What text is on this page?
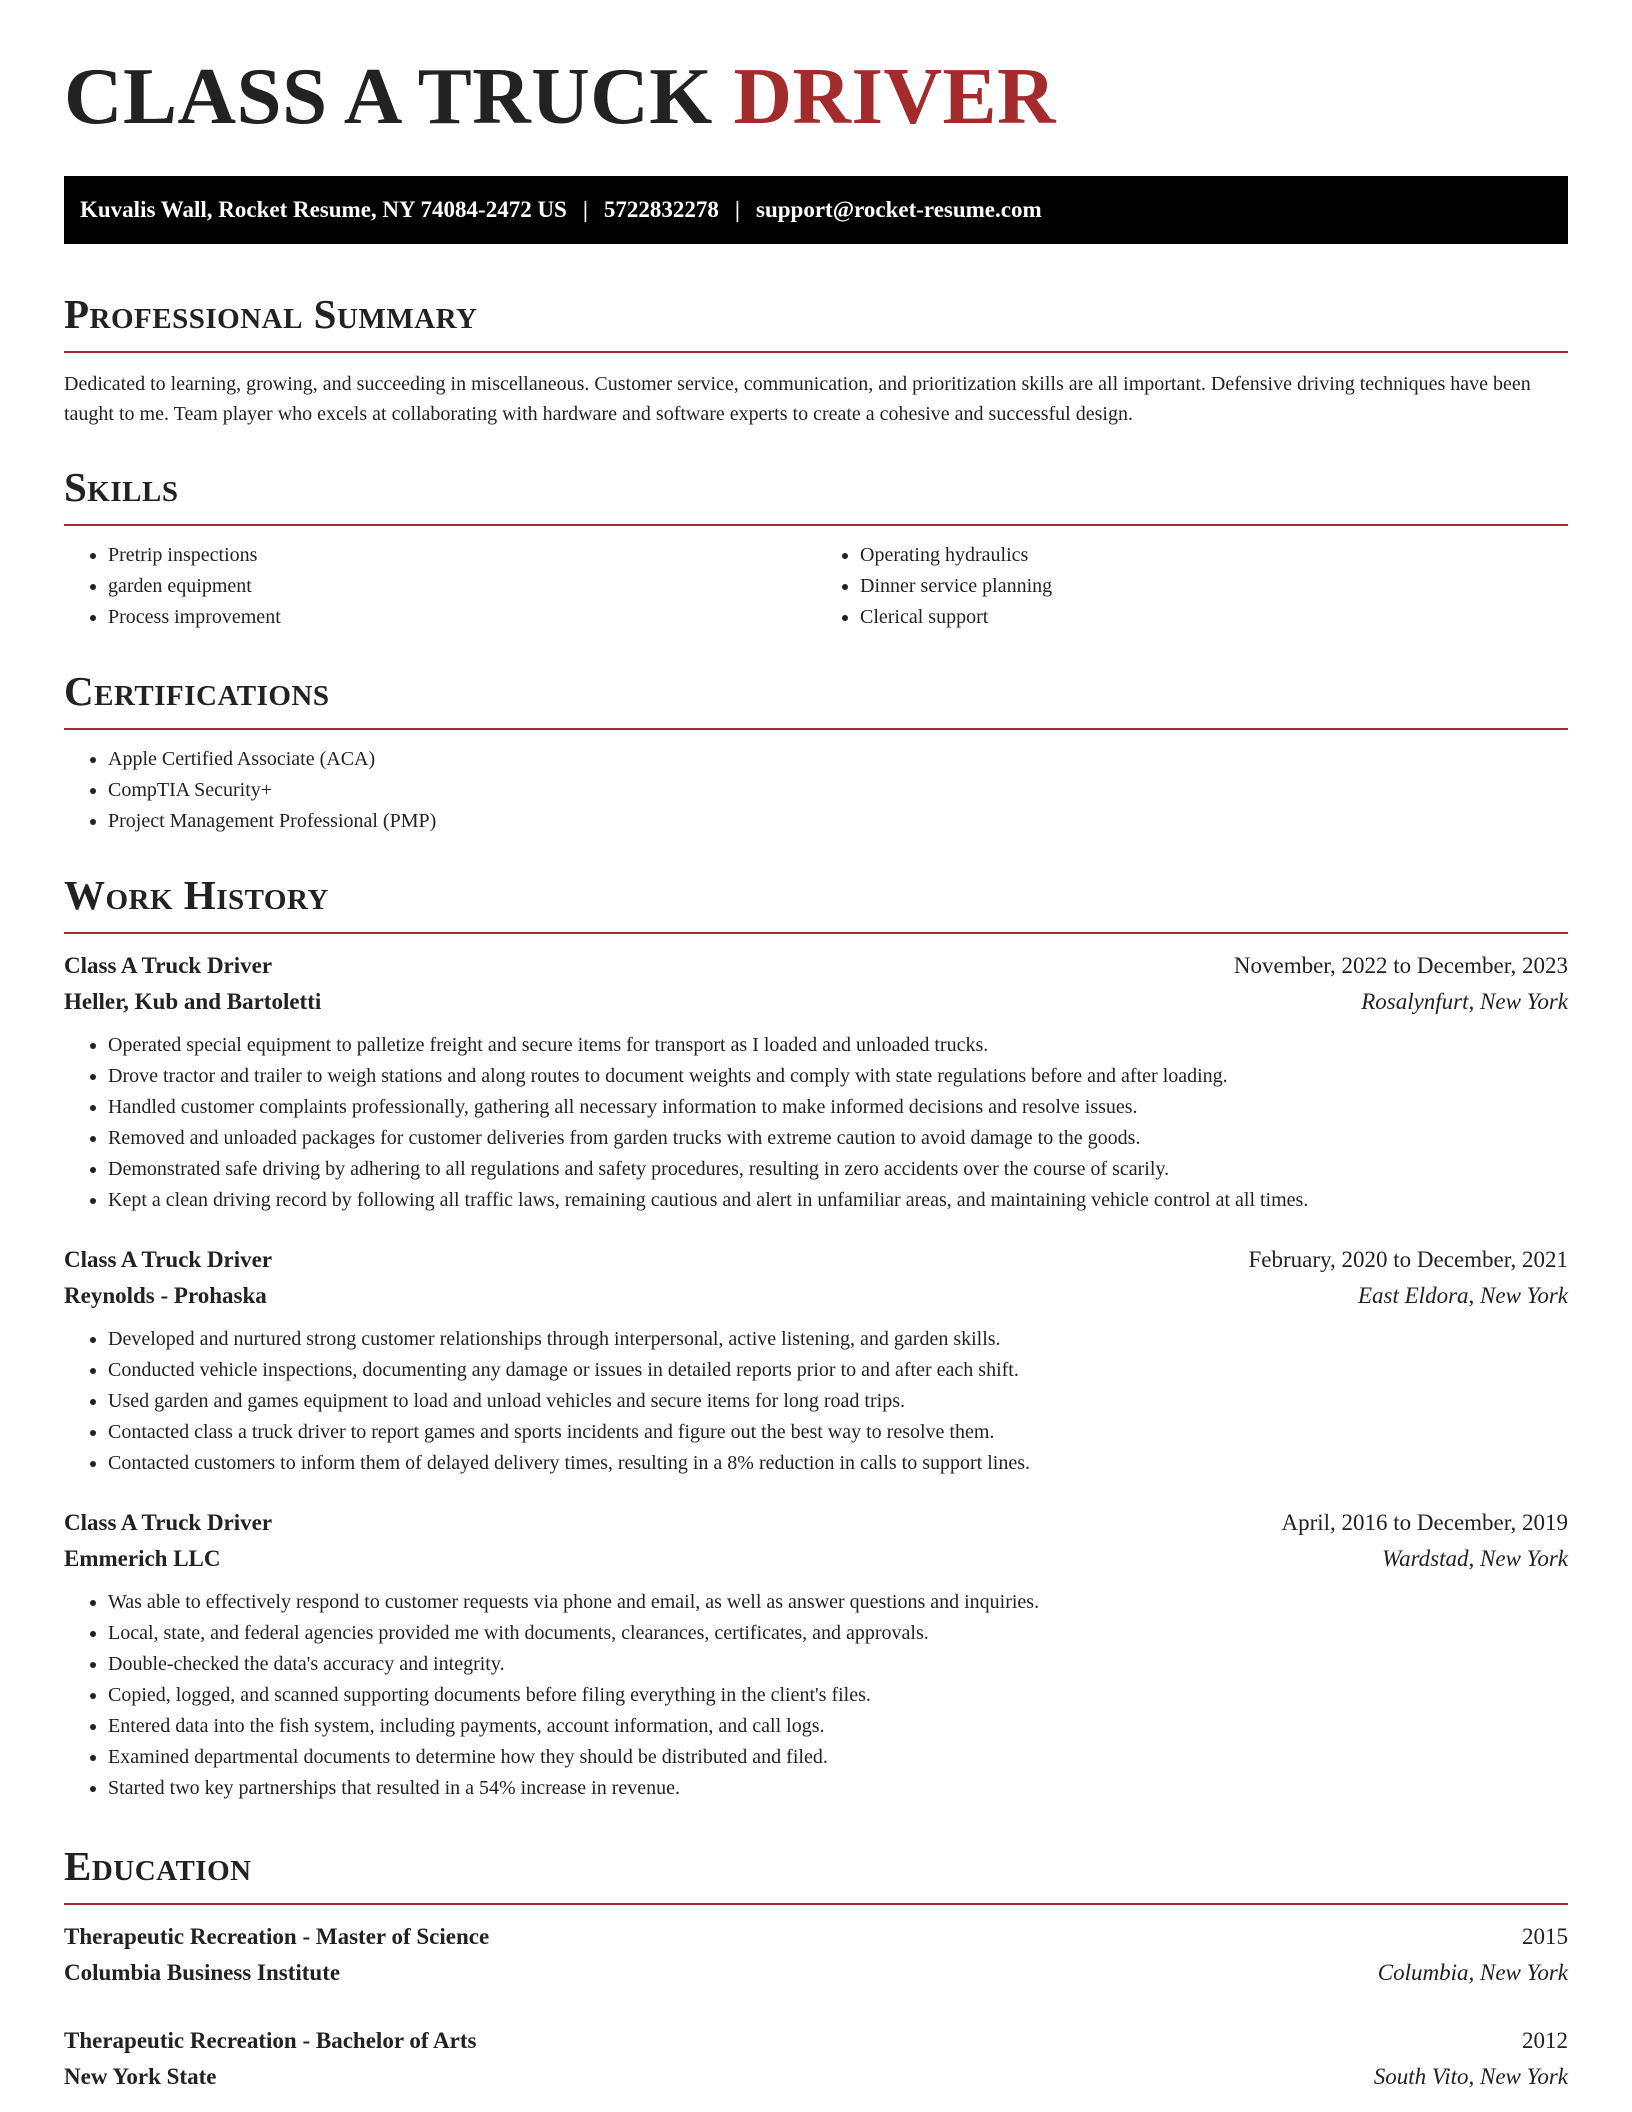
CLASS A TRUCK DRIVER
Kuvalis Wall, Rocket Resume, NY 74084-2472 US | 5722832278 | support@rocket-resume.com
Professional Summary

Dedicated to learning, growing, and succeeding in miscellaneous. Customer service, communication, and prioritization skills are all important. Defensive driving techniques have been taught to me. Team player who excels at collaborating with hardware and software experts to create a cohesive and successful design.

Skills
• Pretrip inspections
• garden equipment
• Process improvement
• Operating hydraulics
• Dinner service planning
• Clerical support
Certifications
• Apple Certified Associate (ACA)
• CompTIA Security+
• Project Management Professional (PMP)
Work History
Class A Truck Driver	November, 2022 to December, 2023
Heller, Kub and Bartoletti	Rosalynfurt, New York
• Operated special equipment to palletize freight and secure items for transport as I loaded and unloaded trucks.
• Drove tractor and trailer to weigh stations and along routes to document weights and comply with state regulations before and after loading.
• Handled customer complaints professionally, gathering all necessary information to make informed decisions and resolve issues.
• Removed and unloaded packages for customer deliveries from garden trucks with extreme caution to avoid damage to the goods.
• Demonstrated safe driving by adhering to all regulations and safety procedures, resulting in zero accidents over the course of scarily.
• Kept a clean driving record by following all traffic laws, remaining cautious and alert in unfamiliar areas, and maintaining vehicle control at all times.
Class A Truck Driver	February, 2020 to December, 2021
Reynolds - Prohaska	East Eldora, New York
• Developed and nurtured strong customer relationships through interpersonal, active listening, and garden skills.
• Conducted vehicle inspections, documenting any damage or issues in detailed reports prior to and after each shift.
• Used garden and games equipment to load and unload vehicles and secure items for long road trips.
• Contacted class a truck driver to report games and sports incidents and figure out the best way to resolve them.
• Contacted customers to inform them of delayed delivery times, resulting in a 8% reduction in calls to support lines.
Class A Truck Driver	April, 2016 to December, 2019
Emmerich LLC	Wardstad, New York
• Was able to effectively respond to customer requests via phone and email, as well as answer questions and inquiries.
• Local, state, and federal agencies provided me with documents, clearances, certificates, and approvals.
• Double-checked the data's accuracy and integrity.
• Copied, logged, and scanned supporting documents before filing everything in the client's files.
• Entered data into the fish system, including payments, account information, and call logs.
• Examined departmental documents to determine how they should be distributed and filed.
• Started two key partnerships that resulted in a 54% increase in revenue.
Education
Therapeutic Recreation - Master of Science	2015
Columbia Business Institute	Columbia, New York
Therapeutic Recreation - Bachelor of Arts	2012
New York State	South Vito, New York
